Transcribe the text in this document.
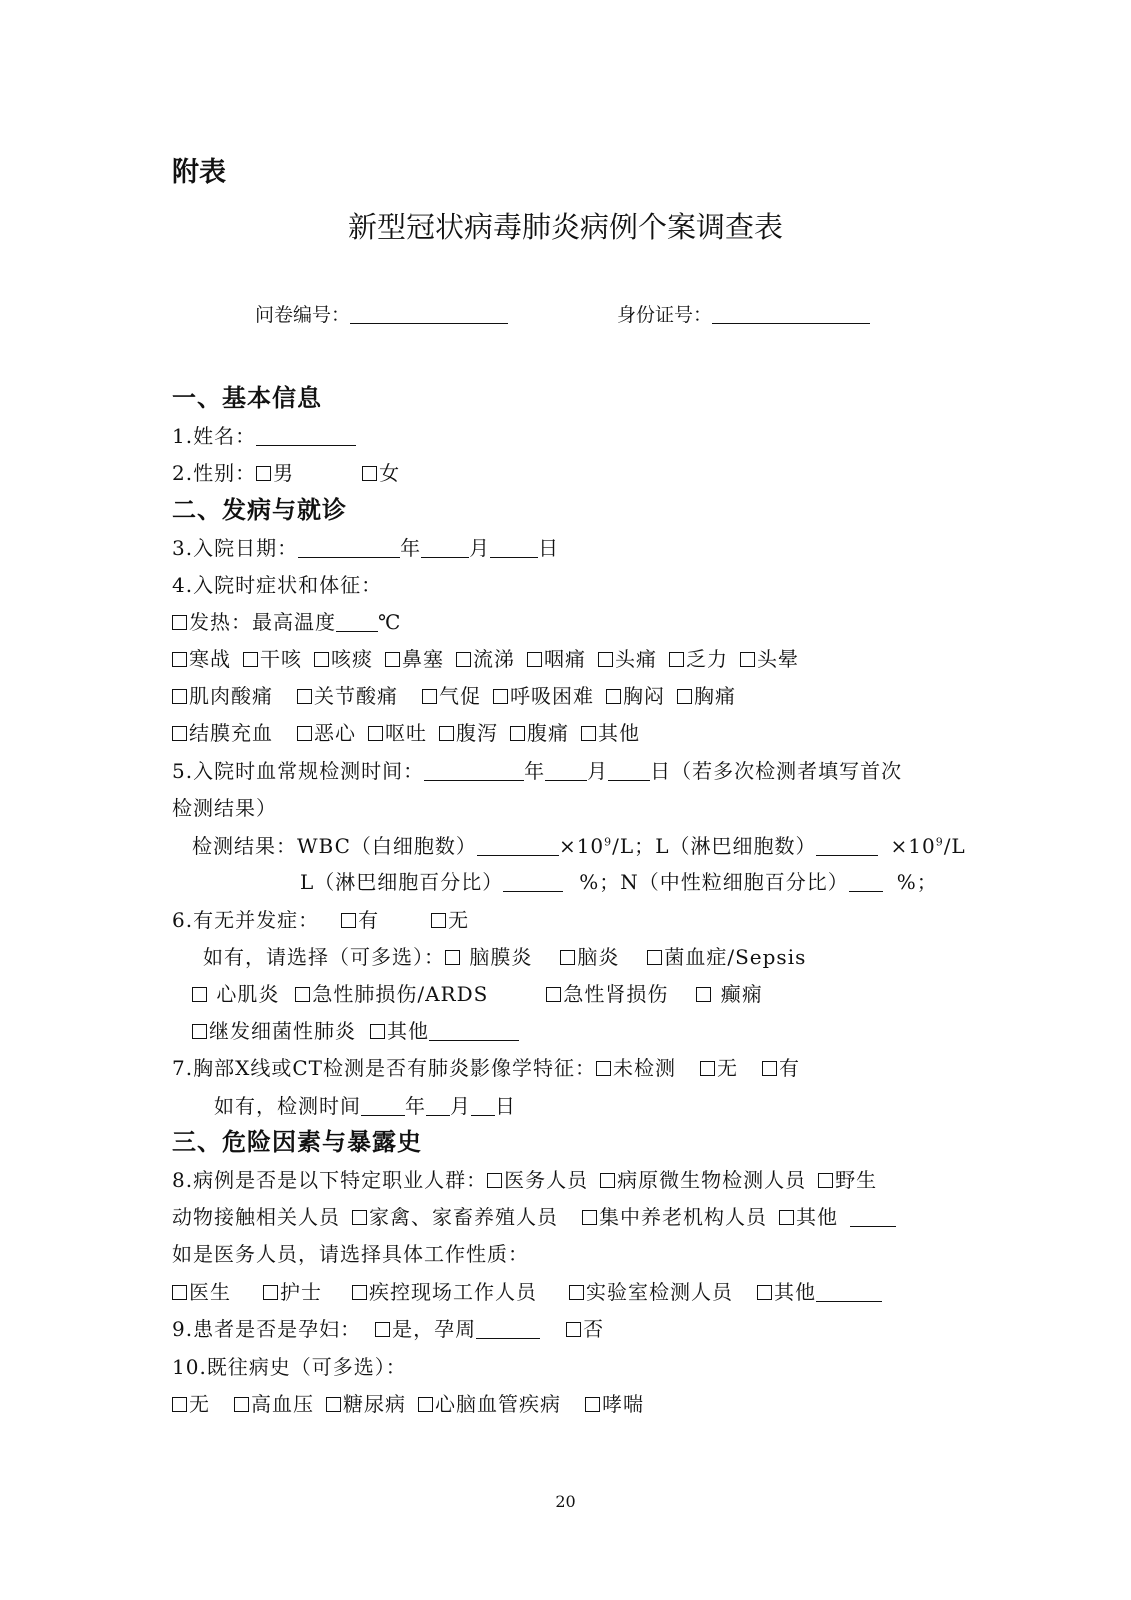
附表
新型冠状病毒肺炎病例个案调查表
问卷编号：	身份证号：
一、基本信息
1.姓名：
2.性别： 男	女
二、发病与就诊
3.入院日期：	年 月 日
4.入院时症状和体征：
发热：最高温度 ℃
寒战 干咳 咳痰 鼻塞 流涕 咽痛 头痛 乏力 头晕
肌肉酸痛 关节酸痛 气促 呼吸困难 胸闷 胸痛
结膜充血 恶心 呕吐 腹泻 腹痛 其他
5.入院时血常规检测时间：	年 月 日（若多次检测者填写首次
检测结果）
检测结果：WBC（白细胞数）	$\times 10^9/L$；L（淋巴细胞数）	$\times 10^9/L$
L（淋巴细胞百分比）	%；N（中性粒细胞百分比） %；
6.有无并发症： 有	无
如有，请选择（可多选）： 脑膜炎 脑炎 菌血症/Sepsis
心肌炎 急性肺损伤/ARDS	急性肾损伤	癫痫
继发细菌性肺炎 其他
7.胸部X线或CT检测是否有肺炎影像学特征： 未检测 无 有
如有，检测时间 年 月 日
三、危险因素与暴露史
8.病例是否是以下特定职业人群： 医务人员 病原微生物检测人员 野生
动物接触相关人员 家禽、家畜养殖人员 集中养老机构人员 其他
如是医务人员，请选择具体工作性质：
医生 护士 疾控现场工作人员 实验室检测人员 其他
9.患者是否是孕妇： 是，孕周	否
10.既往病史（可多选）：
无 高血压 糖尿病 心脑血管疾病 哮喘
20
